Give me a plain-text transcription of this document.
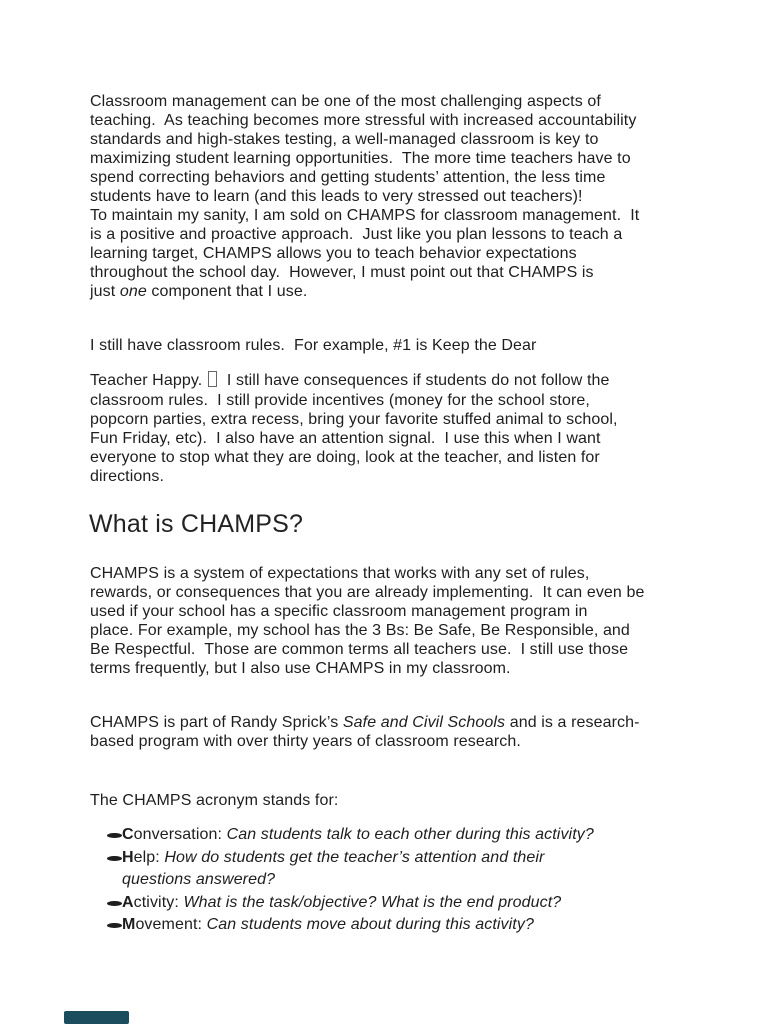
Classroom management can be one of the most challenging aspects of
teaching.  As teaching becomes more stressful with increased accountability
standards and high-stakes testing, a well-managed classroom is key to
maximizing student learning opportunities.  The more time teachers have to
spend correcting behaviors and getting students’ attention, the less time
students have to learn (and this leads to very stressed out teachers)!
To maintain my sanity, I am sold on CHAMPS for classroom management.  It
is a positive and proactive approach.  Just like you plan lessons to teach a
learning target, CHAMPS allows you to teach behavior expectations
throughout the school day.  However, I must point out that CHAMPS is
just one component that I use.
I still have classroom rules.  For example, #1 is Keep the Dear
Teacher Happy.   I still have consequences if students do not follow the
classroom rules.  I still provide incentives (money for the school store,
popcorn parties, extra recess, bring your favorite stuffed animal to school,
Fun Friday, etc).  I also have an attention signal.  I use this when I want
everyone to stop what they are doing, look at the teacher, and listen for
directions.
What is CHAMPS?
CHAMPS is a system of expectations that works with any set of rules,
rewards, or consequences that you are already implementing.  It can even be
used if your school has a specific classroom management program in
place. For example, my school has the 3 Bs: Be Safe, Be Responsible, and
Be Respectful.  Those are common terms all teachers use.  I still use those
terms frequently, but I also use CHAMPS in my classroom.
CHAMPS is part of Randy Sprick’s Safe and Civil Schools and is a research-
based program with over thirty years of classroom research.
The CHAMPS acronym stands for:
Conversation: Can students talk to each other during this activity?
Help: How do students get the teacher’s attention and their
questions answered?
Activity: What is the task/objective? What is the end product?
Movement: Can students move about during this activity?
